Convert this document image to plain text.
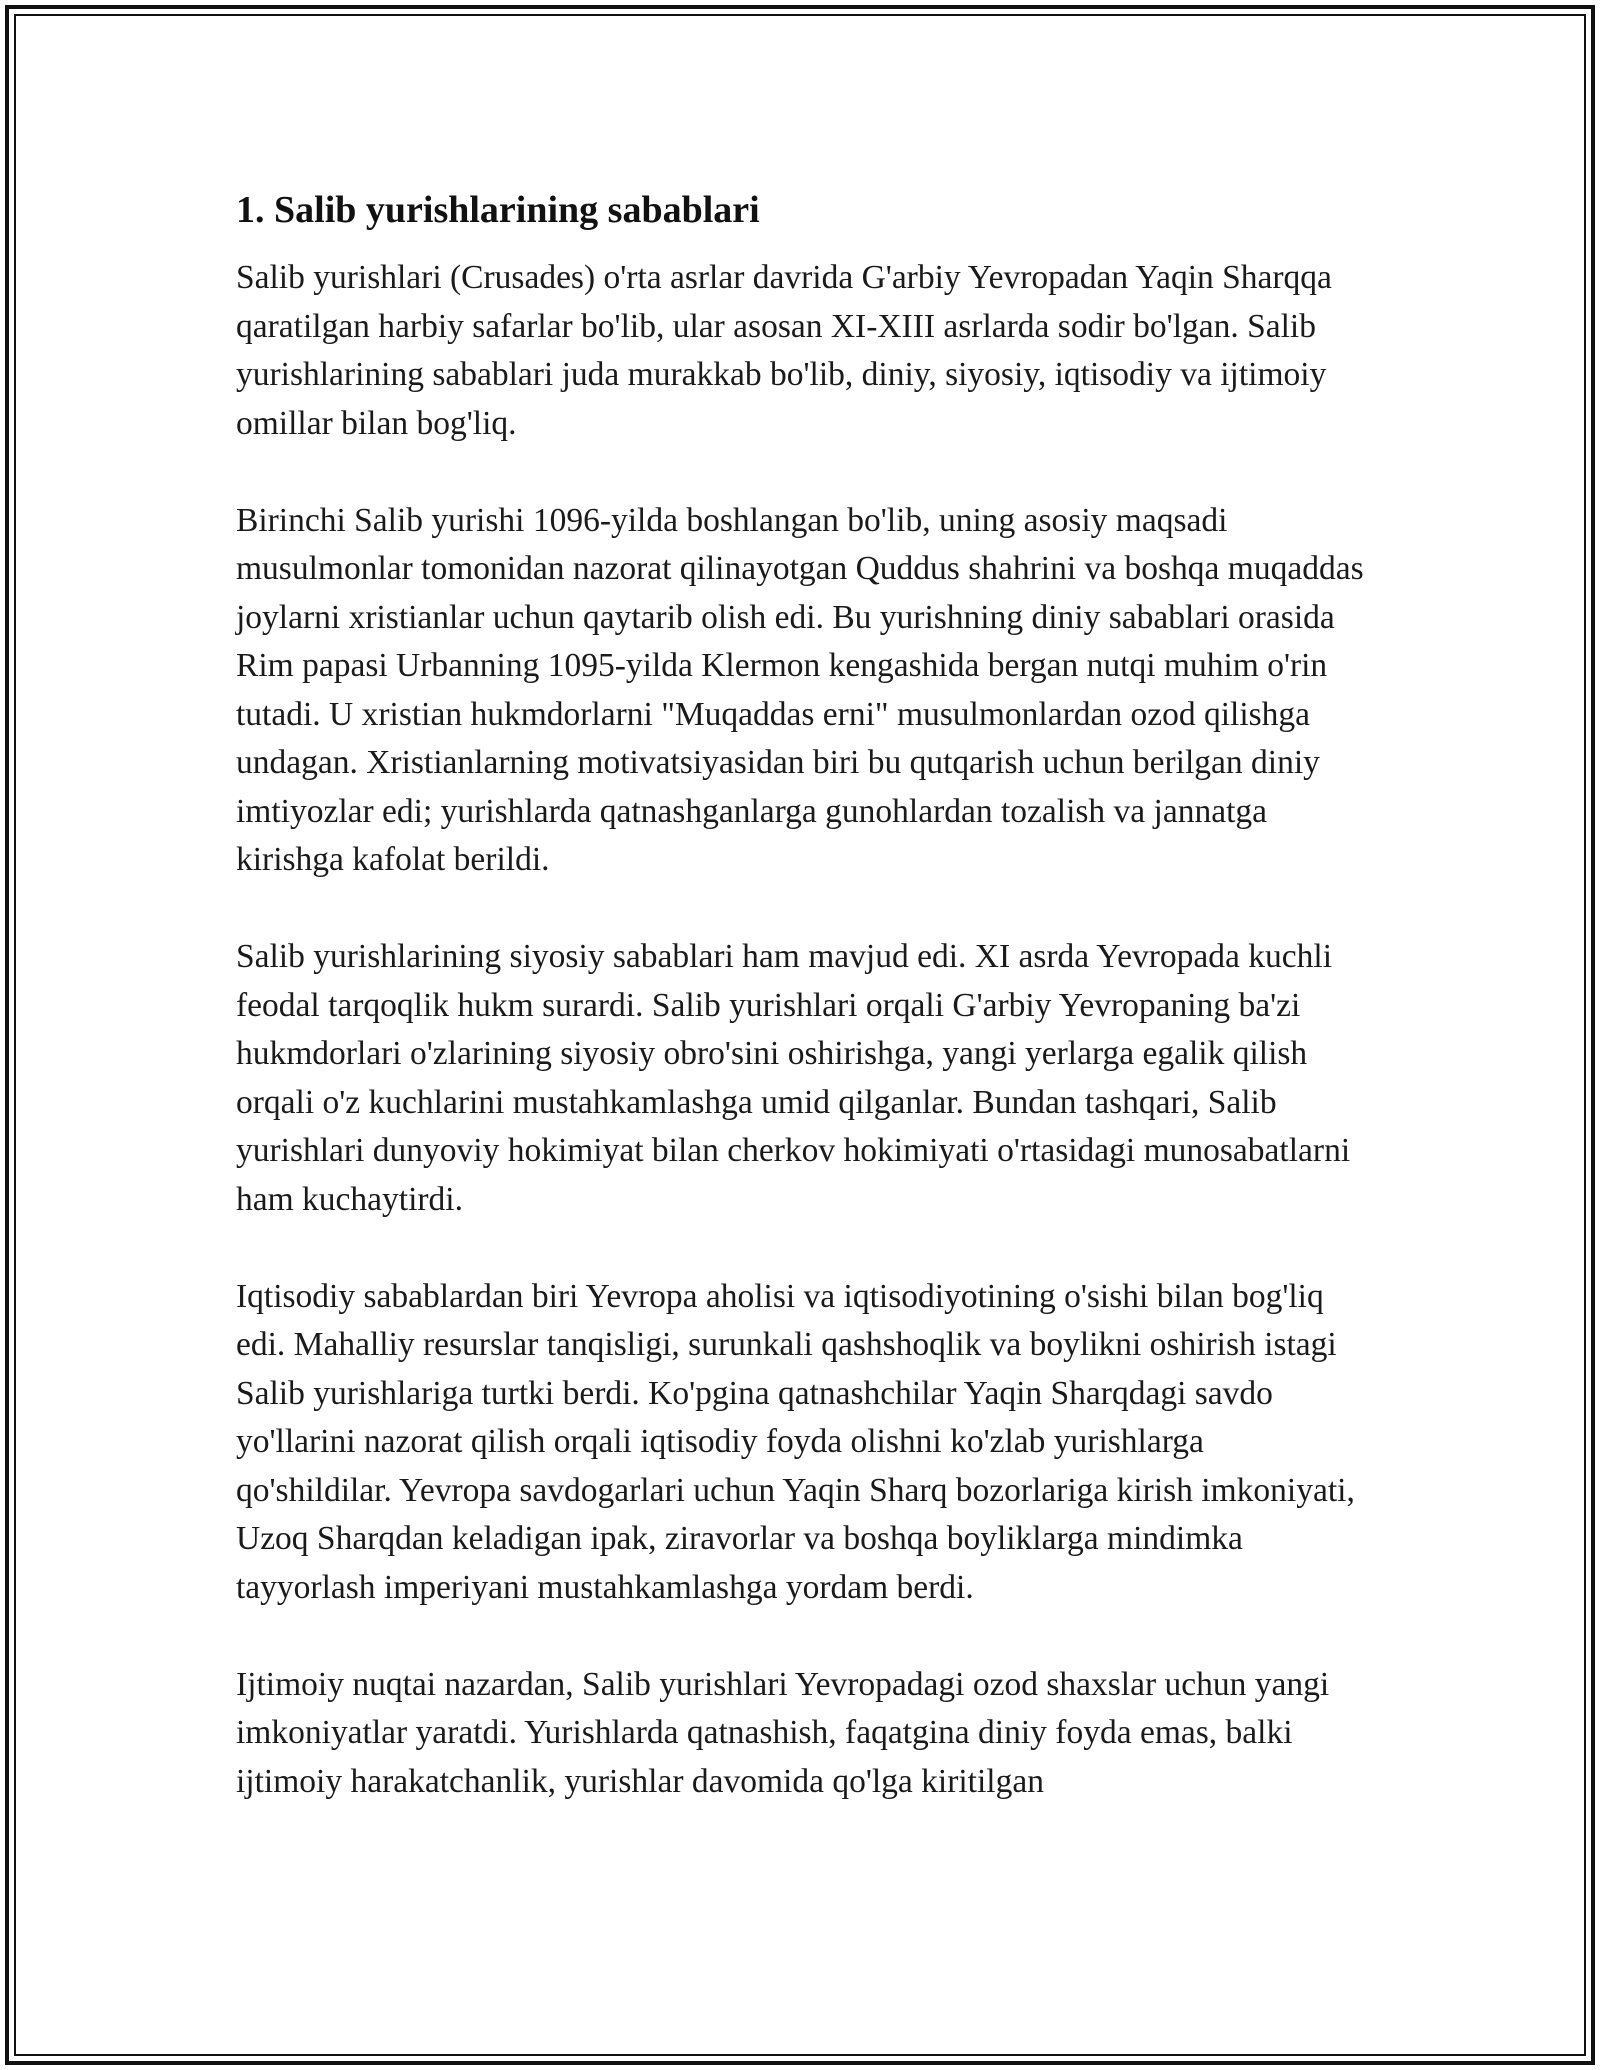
1. Salib yurishlarining sabablari

Salib yurishlari (Crusades) o'rta asrlar davrida G'arbiy Yevropadan Yaqin Sharqqa qaratilgan harbiy safarlar bo'lib, ular asosan XI-XIII asrlarda sodir bo'lgan. Salib yurishlarining sabablari juda murakkab bo'lib, diniy, siyosiy, iqtisodiy va ijtimoiy omillar bilan bog'liq.

Birinchi Salib yurishi 1096-yilda boshlangan bo'lib, uning asosiy maqsadi musulmonlar tomonidan nazorat qilinayotgan Quddus shahrini va boshqa muqaddas joylarni xristianlar uchun qaytarib olish edi. Bu yurishning diniy sabablari orasida Rim papasi Urbanning 1095-yilda Klermon kengashida bergan nutqi muhim o'rin tutadi. U xristian hukmdorlarni "Muqaddas erni" musulmonlardan ozod qilishga undagan. Xristianlarning motivatsiyasidan biri bu qutqarish uchun berilgan diniy imtiyozlar edi; yurishlarda qatnashganlarga gunohlardan tozalish va jannatga kirishga kafolat berildi.

Salib yurishlarining siyosiy sabablari ham mavjud edi. XI asrda Yevropada kuchli feodal tarqoqlik hukm surardi. Salib yurishlari orqali G'arbiy Yevropaning ba'zi hukmdorlari o'zlarining siyosiy obro'sini oshirishga, yangi yerlarga egalik qilish orqali o'z kuchlarini mustahkamlashga umid qilganlar. Bundan tashqari, Salib yurishlari dunyoviy hokimiyat bilan cherkov hokimiyati o'rtasidagi munosabatlarni ham kuchaytirdi.

Iqtisodiy sabablardan biri Yevropa aholisi va iqtisodiyotining o'sishi bilan bog'liq edi. Mahalliy resurslar tanqisligi, surunkali qashshoqlik va boylikni oshirish istagi Salib yurishlariga turtki berdi. Ko'pgina qatnashchilar Yaqin Sharqdagi savdo yo'llarini nazorat qilish orqali iqtisodiy foyda olishni ko'zlab yurishlarga qo'shildilar. Yevropa savdogarlari uchun Yaqin Sharq bozorlariga kirish imkoniyati, Uzoq Sharqdan keladigan ipak, ziravorlar va boshqa boyliklarga mindimka tayyorlash imperiyani mustahkamlashga yordam berdi.

Ijtimoiy nuqtai nazardan, Salib yurishlari Yevropadagi ozod shaxslar uchun yangi imkoniyatlar yaratdi. Yurishlarda qatnashish, faqatgina diniy foyda emas, balki ijtimoiy harakatchanlik, yurishlar davomida qo'lga kiritilgan
